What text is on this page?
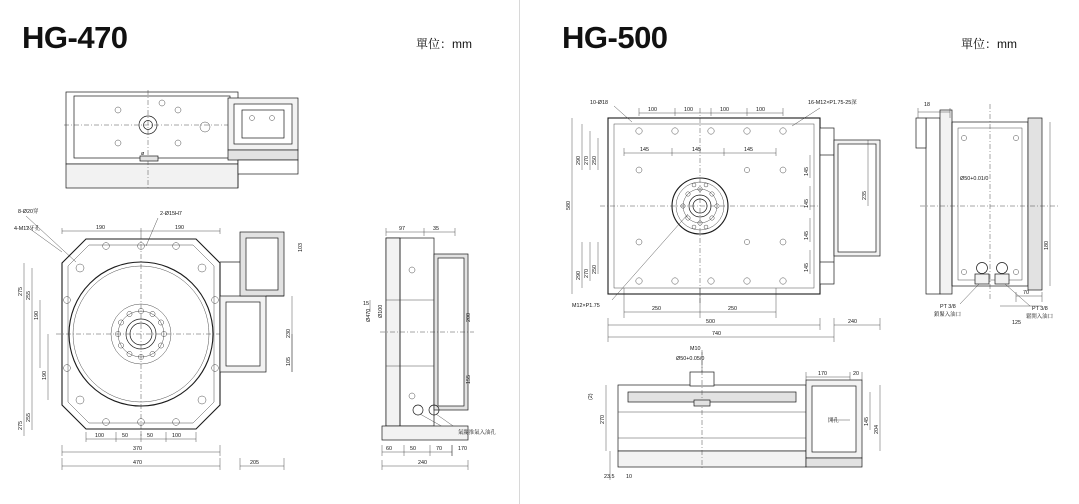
HG-470	單位：mm
ø
8-Ø20穿
4-M12牙孔
2-Ø15H7
190	190
100	50	50	100
370
470	205
275 255
190
190
255
275
230
105
103
97	35
15
Ø470 Ø100	200
155
60	50	70	170
240
氣閥推氣入油孔
HG-500	單位：mm
10-Ø18	16-M12×P1.75-25深
M12×P1.75
100	100	100	100
145	145	145
250	250
500
740
240
580
290 270 250
290 270 250
145
145
145
145
235
M10
Ø50+0.05/0
開孔
270
(2)
170	20
145
204
23.5 10
18
Ø50+0.01/0
PT 3/8
鎖緊入油口
PT 3/8
鬆開入油口
180
70
125
